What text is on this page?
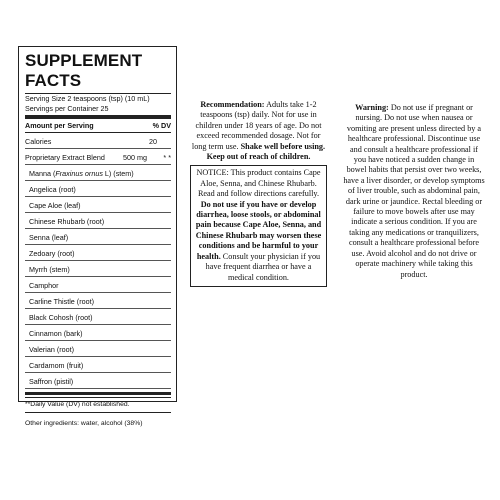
SUPPLEMENT FACTS
Serving Size 2 teaspoons (tsp) (10 mL)
Servings per Container 25
Amount per Serving	% DV
Calories	20
Proprietary Extract Blend	500 mg	* *
Manna (Fraxinus ornus L) (stem)
Angelica (root)
Cape Aloe (leaf)
Chinese Rhubarb (root)
Senna (leaf)
Zedoary (root)
Myrrh (stem)
Camphor
Carline Thistle (root)
Black Cohosh (root)
Cinnamon (bark)
Valerian (root)
Cardamom (fruit)
Saffron (pistil)
**Daily Value (DV) not established.
Other ingredients: water, alcohol (38%)
Recommendation: Adults take 1-2 teaspoons (tsp) daily. Not for use in children under 18 years of age. Do not exceed recommended dosage. Not for long term use. Shake well before using. Keep out of reach of children.
NOTICE: This product contains Cape Aloe, Senna, and Chinese Rhubarb. Read and follow directions carefully. Do not use if you have or develop diarrhea, loose stools, or abdominal pain because Cape Aloe, Senna, and Chinese Rhubarb may worsen these conditions and be harmful to your health. Consult your physician if you have frequent diarrhea or have a medical condition.
Warning: Do not use if pregnant or nursing. Do not use when nausea or vomiting are present unless directed by a healthcare professional. Discontinue use and consult a healthcare professional if you have noticed a sudden change in bowel habits that persist over two weeks, have a liver disorder, or develop symptoms of liver trouble, such as abdominal pain, dark urine or jaundice. Rectal bleeding or failure to move bowels after use may indicate a serious condition. If you are taking any medications or tranquilizers, consult a healthcare professional before use. Avoid alcohol and do not drive or operate machinery while taking this product.
